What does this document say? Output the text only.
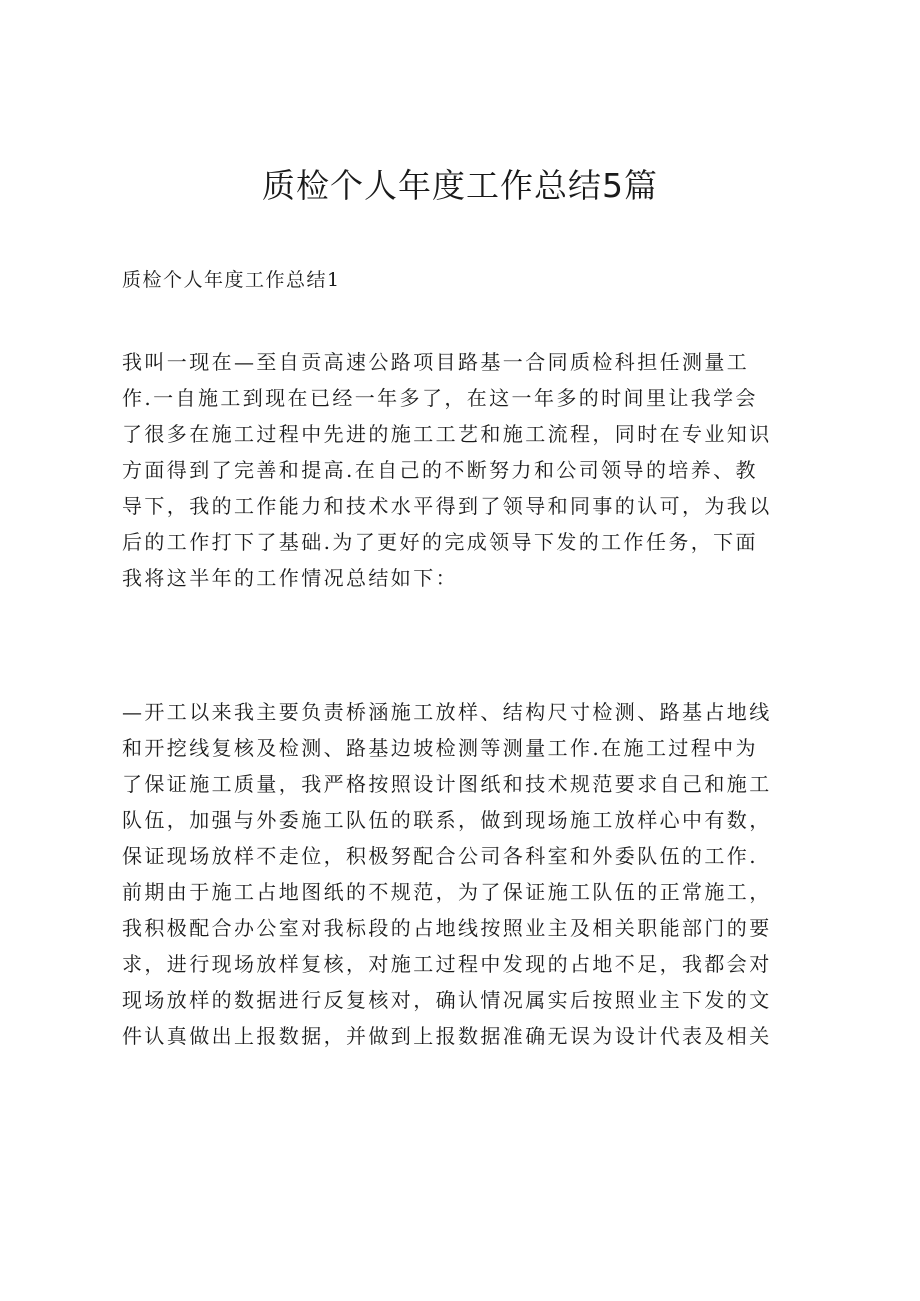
质检个人年度工作总结5篇
质检个人年度工作总结1
我叫一现在—至自贡高速公路项目路基一合同质检科担任测量工
作.一自施工到现在已经一年多了，在这一年多的时间里让我学会
了很多在施工过程中先进的施工工艺和施工流程，同时在专业知识
方面得到了完善和提高.在自己的不断努力和公司领导的培养、教
导下，我的工作能力和技术水平得到了领导和同事的认可，为我以
后的工作打下了基础.为了更好的完成领导下发的工作任务，下面
我将这半年的工作情况总结如下：
—开工以来我主要负责桥涵施工放样、结构尺寸检测、路基占地线
和开挖线复核及检测、路基边坡检测等测量工作.在施工过程中为
了保证施工质量，我严格按照设计图纸和技术规范要求自己和施工
队伍，加强与外委施工队伍的联系，做到现场施工放样心中有数，
保证现场放样不走位，积极努配合公司各科室和外委队伍的工作.
前期由于施工占地图纸的不规范，为了保证施工队伍的正常施工，
我积极配合办公室对我标段的占地线按照业主及相关职能部门的要
求，进行现场放样复核，对施工过程中发现的占地不足，我都会对
现场放样的数据进行反复核对，确认情况属实后按照业主下发的文
件认真做出上报数据，并做到上报数据准确无误为设计代表及相关
